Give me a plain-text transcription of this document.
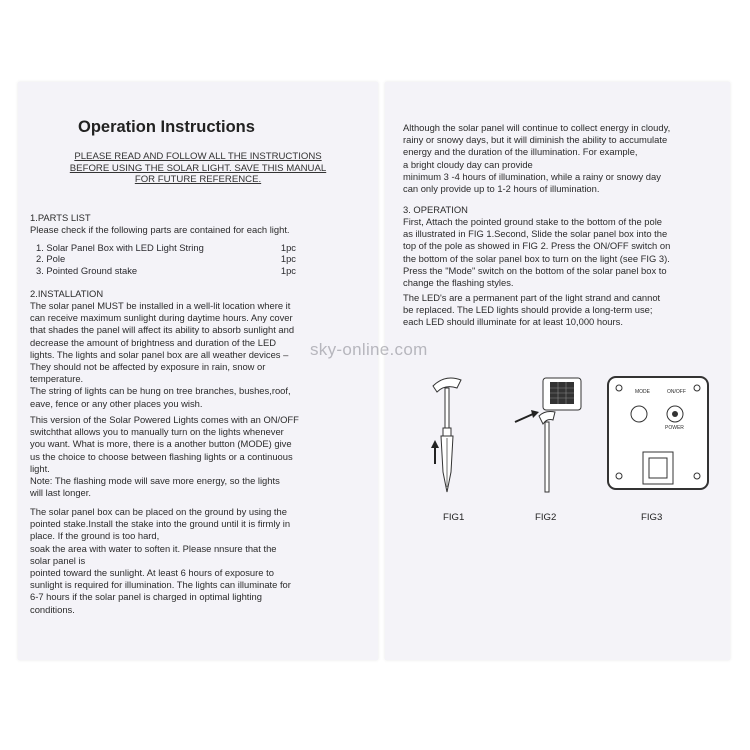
Operation Instructions
PLEASE READ AND FOLLOW ALL THE INSTRUCTIONS
BEFORE USING THE SOLAR LIGHT. SAVE THIS MANUAL
FOR FUTURE REFERENCE.
1.PARTS LIST
Please check if the following parts are contained for each light.
1. Solar Panel Box with LED Light String	1pc
2. Pole	1pc
3. Pointed Ground stake	1pc
2.INSTALLATION
The solar panel MUST be installed in a well-lit location where it
can receive maximum sunlight during daytime hours. Any cover
that shades the panel will affect its ability to absorb sunlight and
decrease the amount of brightness and duration of the LED
lights. The lights and solar panel box are all weather devices –
They should not be affected by exposure in rain, snow or
temperature.
The string of lights can be hung on tree branches, bushes,roof,
eave, fence or any other places you wish.
This version of the Solar Powered Lights comes with an ON/OFF
switchthat allows you to manually turn on the lights whenever
you want. What is more, there is a another button (MODE) give
us the choice to choose between flashing lights or a continuous
light.
Note: The flashing mode will save more energy, so the lights
will last longer.
The solar panel box can be placed on the ground by using the
pointed stake.Install the stake into the ground until it is firmly in
place. If the ground is too hard,
soak the area with water to soften it. Please nnsure that the
solar panel is
pointed toward the sunlight. At least 6 hours of exposure to
sunlight is required for illumination. The lights can illuminate for
6-7 hours if the solar panel is charged in optimal lighting
conditions.
Although the solar panel will continue to collect energy in cloudy,
rainy or snowy days, but it will diminish the ability to accumulate
energy and the duration of the illumination. For example,
a bright cloudy day can provide
minimum 3 -4 hours of illumination, while a rainy or snowy day
can only provide up to 1-2 hours of illumination.
3. OPERATION
First, Attach the pointed ground stake to the bottom of the pole
as illustrated in FIG 1.Second, Slide the solar panel box into the
top of the pole as showed in FIG 2. Press the ON/OFF switch on
the bottom of the solar panel box to turn on the light (see FIG 3).
Press the "Mode" switch on the bottom of the solar panel box to
change the flashing styles.
The LED's are a permanent part of the light strand and cannot
be replaced. The LED lights should provide a long-term use;
each LED should illuminate for at least 10,000 hours.
MODE	ON/OFF
POWER
FIG1	FIG2	FIG3
sky-online.com
